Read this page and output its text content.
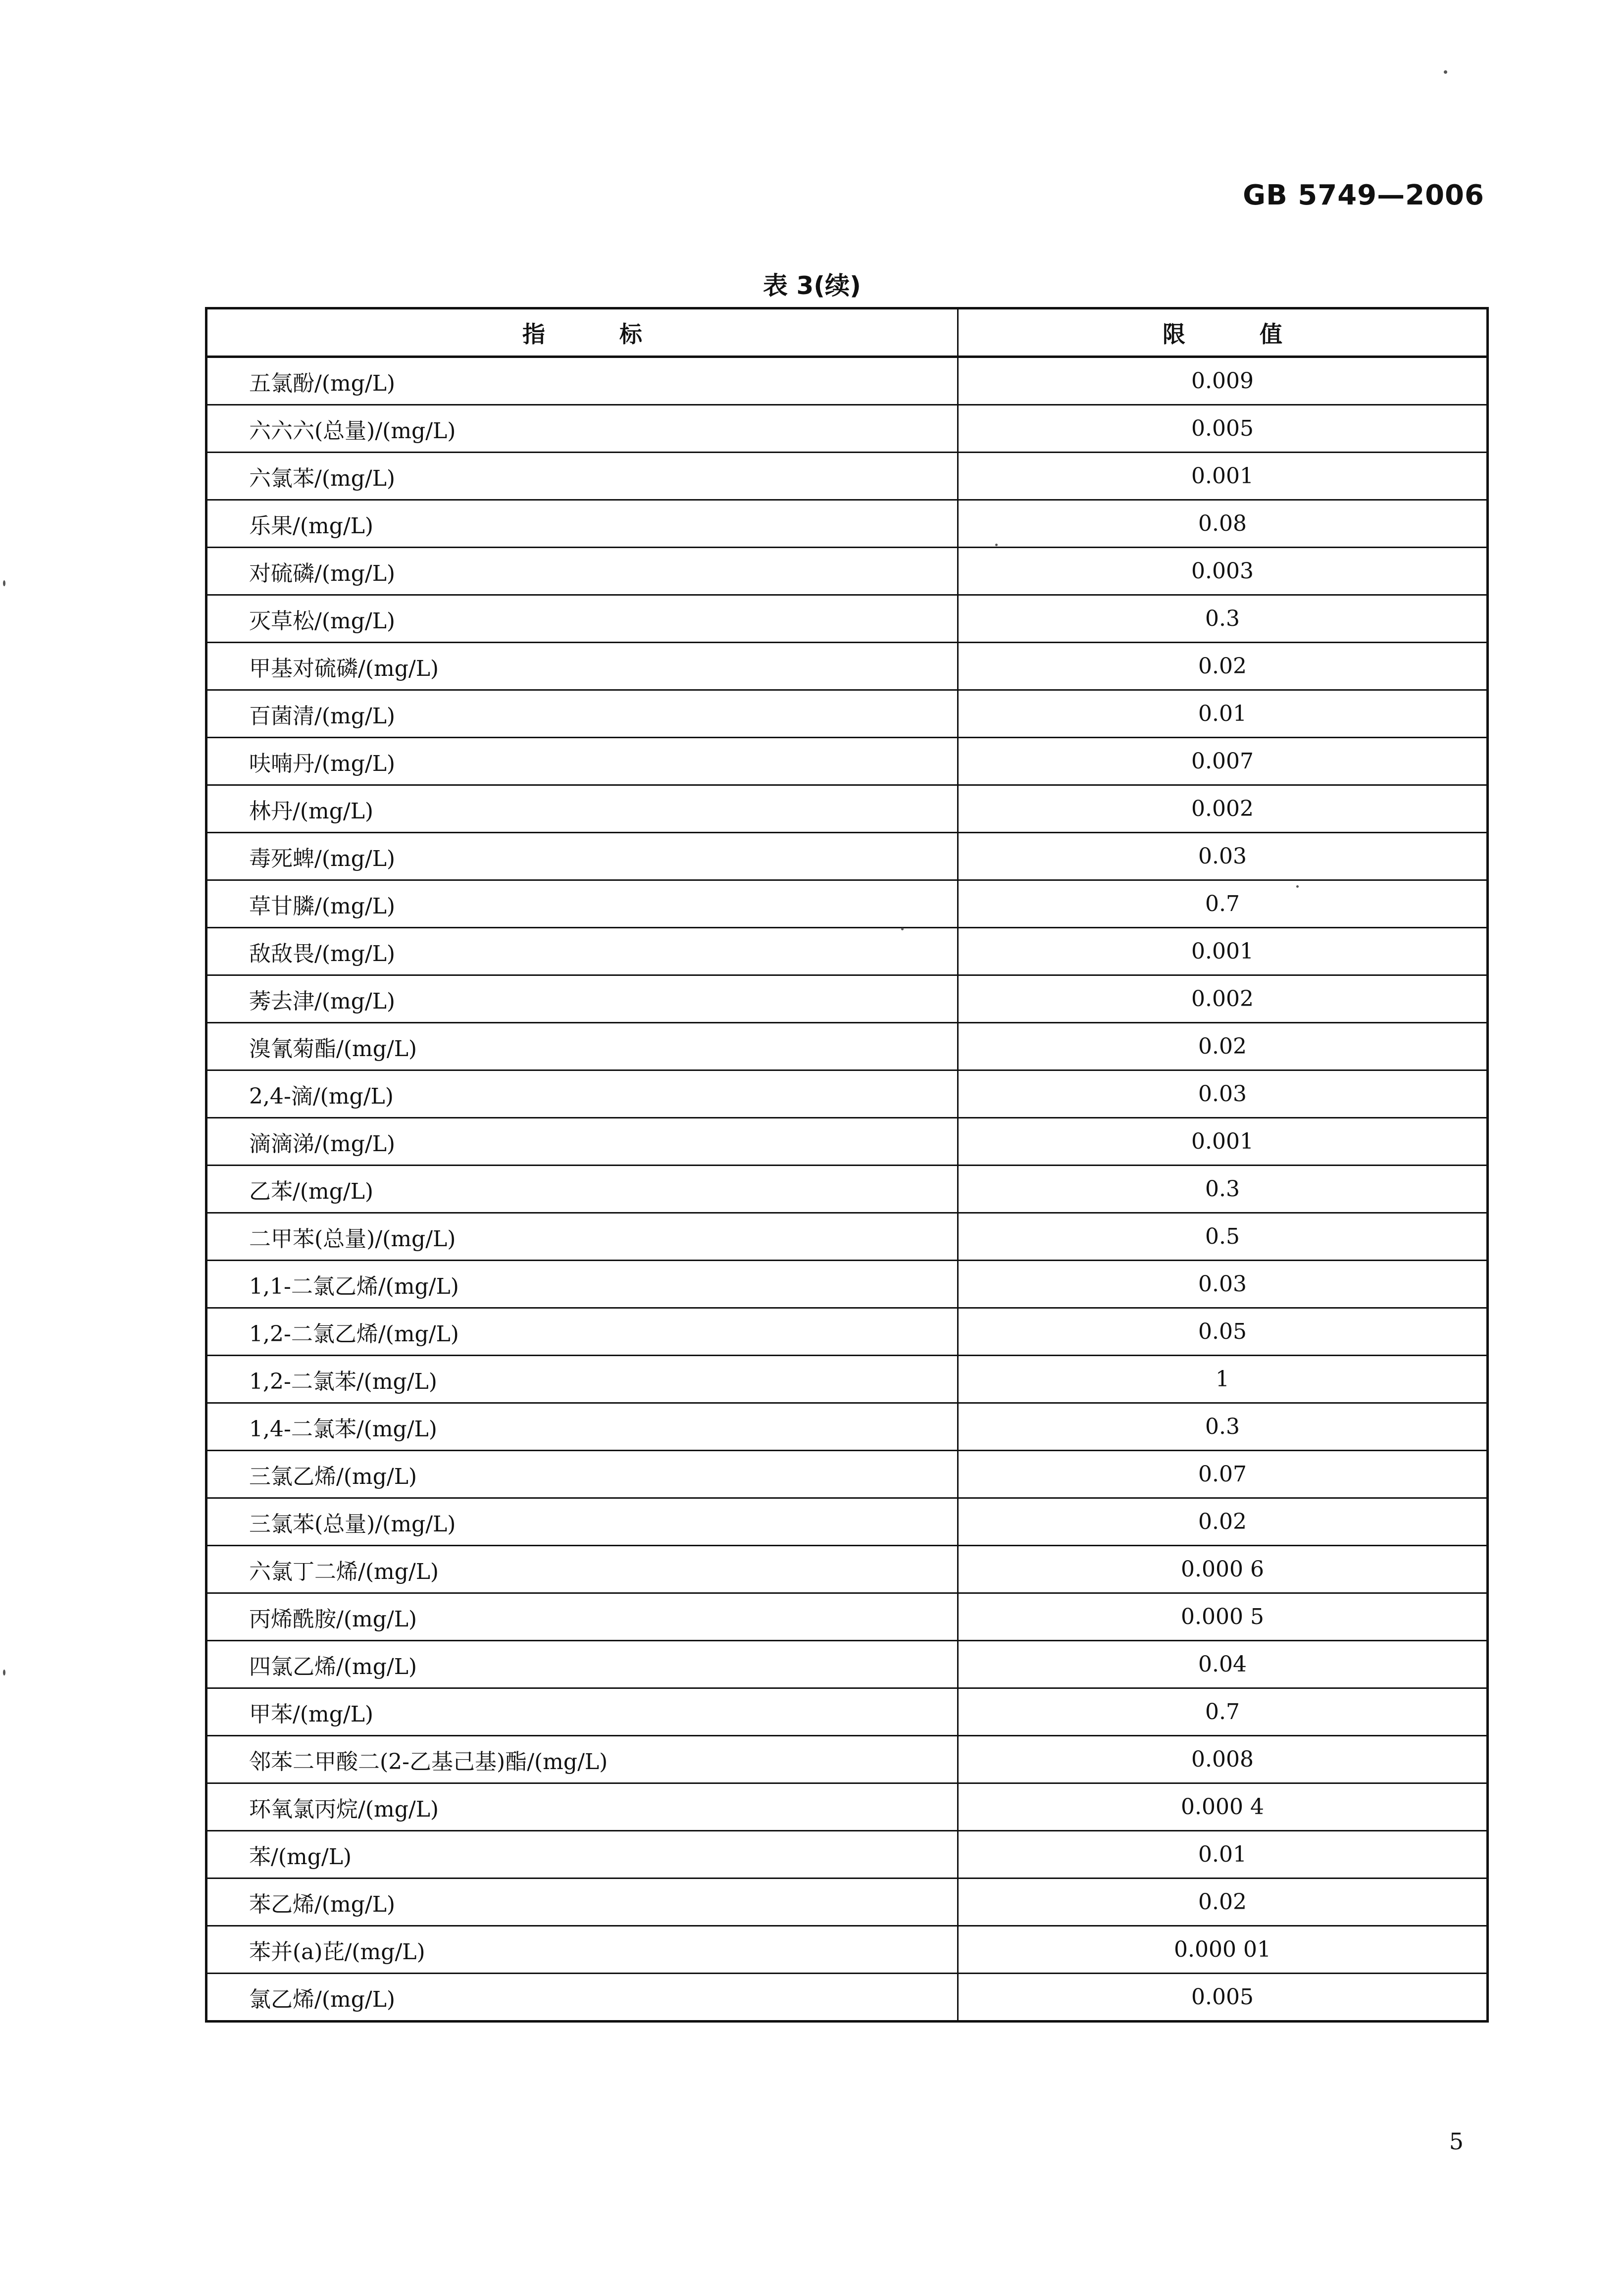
GB 5749—2006
表 3(续)
指标	限值
五氯酚/(mg/L)	0.009
六六六(总量)/(mg/L)	0.005
六氯苯/(mg/L)	0.001
乐果/(mg/L)	0.08
对硫磷/(mg/L)	0.003
灭草松/(mg/L)	0.3
甲基对硫磷/(mg/L)	0.02
百菌清/(mg/L)	0.01
呋喃丹/(mg/L)	0.007
林丹/(mg/L)	0.002
毒死蜱/(mg/L)	0.03
草甘膦/(mg/L)	0.7
敌敌畏/(mg/L)	0.001
莠去津/(mg/L)	0.002
溴氰菊酯/(mg/L)	0.02
2,4-滴/(mg/L)	0.03
滴滴涕/(mg/L)	0.001
乙苯/(mg/L)	0.3
二甲苯(总量)/(mg/L)	0.5
1,1-二氯乙烯/(mg/L)	0.03
1,2-二氯乙烯/(mg/L)	0.05
1,2-二氯苯/(mg/L)	1
1,4-二氯苯/(mg/L)	0.3
三氯乙烯/(mg/L)	0.07
三氯苯(总量)/(mg/L)	0.02
六氯丁二烯/(mg/L)	0.000 6
丙烯酰胺/(mg/L)	0.000 5
四氯乙烯/(mg/L)	0.04
甲苯/(mg/L)	0.7
邻苯二甲酸二(2-乙基己基)酯/(mg/L)	0.008
环氧氯丙烷/(mg/L)	0.000 4
苯/(mg/L)	0.01
苯乙烯/(mg/L)	0.02
苯并(a)芘/(mg/L)	0.000 01
氯乙烯/(mg/L)	0.005
5
